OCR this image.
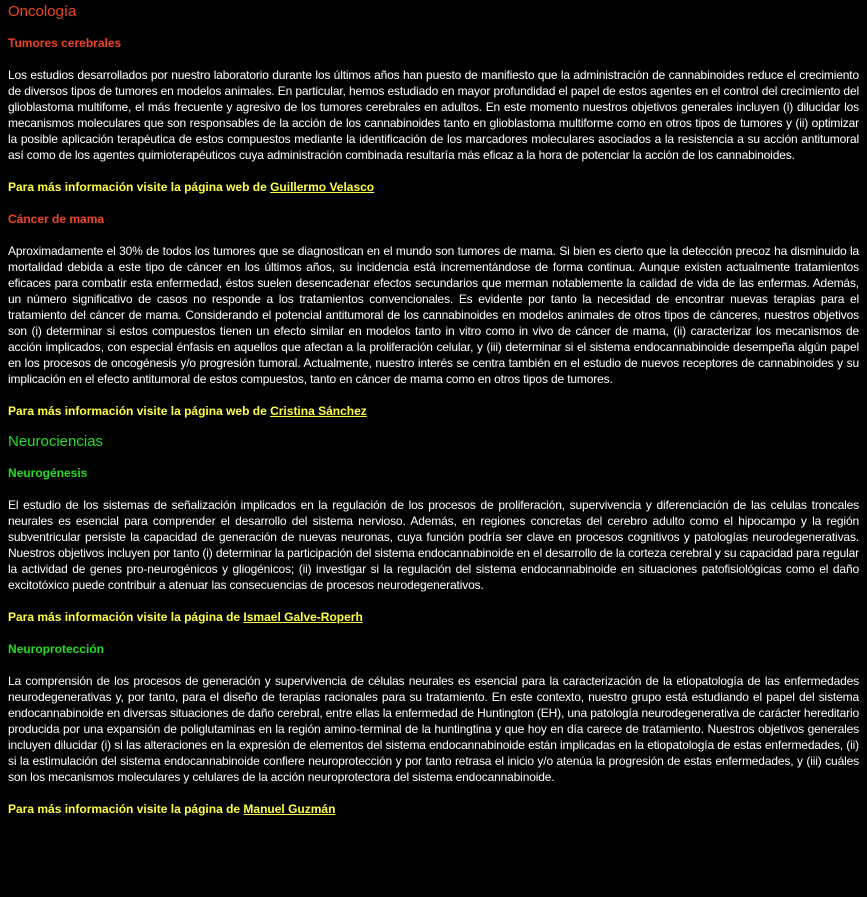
Oncología
Tumores cerebrales

Los estudios desarrollados por nuestro laboratorio durante los últimos años han puesto de manifiesto que la administración de cannabinoides reduce el crecimiento de diversos tipos de tumores en modelos animales. En particular, hemos estudiado en mayor profundidad el papel de estos agentes en el control del crecimiento del glioblastoma multifome, el más frecuente y agresivo de los tumores cerebrales en adultos. En este momento nuestros objetivos generales incluyen (i) dilucidar los mecanismos moleculares que son responsables de la acción de los cannabinoides tanto en glioblastoma multiforme como en otros tipos de tumores y (ii) optimizar la posible aplicación terapéutica de estos compuestos mediante la identificación de los marcadores moleculares asociados a la resistencia a su acción antitumoral así como de los agentes quimioterapéuticos cuya administración combinada resultaría más eficaz a la hora de potenciar la acción de los cannabinoides.

Para más información visite la página web de Guillermo Velasco

Cáncer de mama

Aproximadamente el 30% de todos los tumores que se diagnostican en el mundo son tumores de mama. Si bien es cierto que la detección precoz ha disminuido la mortalidad debida a este tipo de cáncer en los últimos años, su incidencia está incrementándose de forma continua. Aunque existen actualmente tratamientos eficaces para combatir esta enfermedad, éstos suelen desencadenar efectos secundarios que merman notablemente la calidad de vida de las enfermas. Además, un número significativo de casos no responde a los tratamientos convencionales. Es evidente por tanto la necesidad de encontrar nuevas terapias para el tratamiento del cáncer de mama. Considerando el potencial antitumoral de los cannabinoides en modelos animales de otros tipos de cánceres, nuestros objetivos son (i) determinar si estos compuestos tienen un efecto similar en modelos tanto in vitro como in vivo de cáncer de mama, (ii) caracterizar los mecanismos de acción implicados, con especial énfasis en aquellos que afectan a la proliferación celular, y (iii) determinar si el sistema endocannabinoide desempeña algún papel en los procesos de oncogénesis y/o progresión tumoral. Actualmente, nuestro interés se centra también en el estudio de nuevos receptores de cannabinoides y su implicación en el efecto antitumoral de estos compuestos, tanto en cáncer de mama como en otros tipos de tumores.

Para más información visite la página web de Cristina Sánchez

Neurociencias
Neurogénesis

El estudio de los sistemas de señalización implicados en la regulación de los procesos de proliferación, supervivencia y diferenciación de las celulas troncales neurales es esencial para comprender el desarrollo del sistema nervioso. Además, en regiones concretas del cerebro adulto como el hipocampo y la región subventricular persiste la capacidad de generación de nuevas neuronas, cuya función podría ser clave en procesos cognitivos y patologías neurodegenerativas. Nuestros objetivos incluyen por tanto (i) determinar la participación del sistema endocannabinoide en el desarrollo de la corteza cerebral y su capacidad para regular la actividad de genes pro-neurogénicos y gliogénicos; (ii) investigar si la regulación del sistema endocannabinoide en situaciones patofisiológicas como el daño excitotóxico puede contribuir a atenuar las consecuencias de procesos neurodegenerativos.

Para más información visite la página de Ismael Galve-Roperh

Neuroprotección

La comprensión de los procesos de generación y supervivencia de células neurales es esencial para la caracterización de la etiopatología de las enfermedades neurodegenerativas y, por tanto, para el diseño de terapias racionales para su tratamiento. En este contexto, nuestro grupo está estudiando el papel del sistema endocannabinoide en diversas situaciones de daño cerebral, entre ellas la enfermedad de Huntington (EH), una patología neurodegenerativa de carácter hereditario producida por una expansión de poliglutaminas en la región amino-terminal de la huntingtina y que hoy en día carece de tratamiento. Nuestros objetivos generales incluyen dilucidar (i) si las alteraciones en la expresión de elementos del sistema endocannabinoide están implicadas en la etiopatología de estas enfermedades, (ii) si la estimulación del sistema endocannabinoide confiere neuroprotección y por tanto retrasa el inicio y/o atenúa la progresión de estas enfermedades, y (iii) cuáles son los mecanismos moleculares y celulares de la acción neuroprotectora del sistema endocannabinoide.

Para más información visite la página de Manuel Guzmán
